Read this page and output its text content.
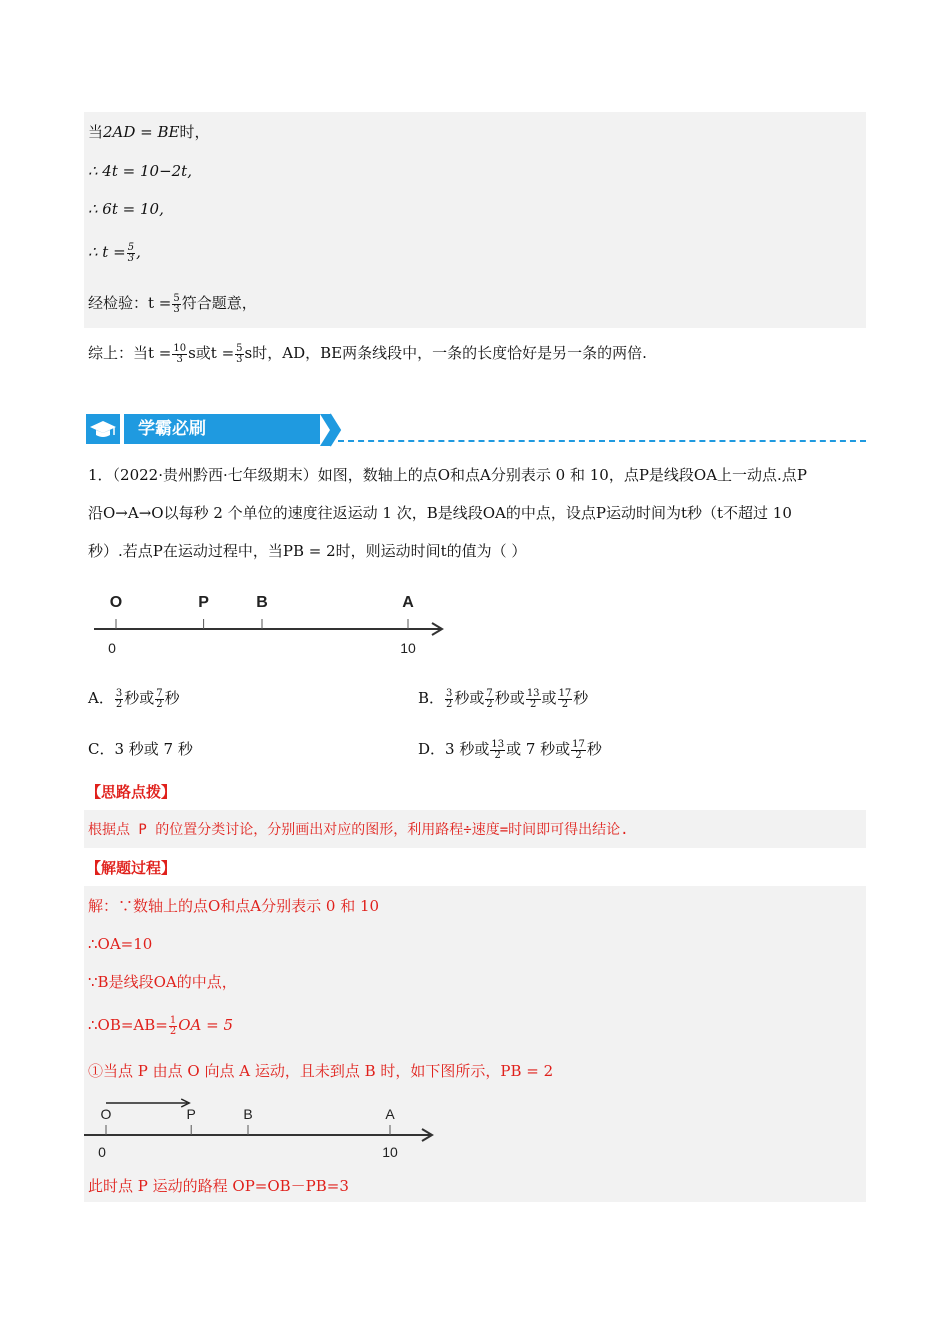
当2AD = BE时，
∴ 4t = 10−2t,
∴ 6t = 10,
∴ $t = \frac{5}{3}$ ,
经检验：$t = \frac{5}{3}$ 符合题意，
综上：当$t = \frac{10}{3}$ s或$t = \frac{5}{3}$ s时，AD，BE两条线段中，一条的长度恰好是另一条的两倍.
学霸必刷
1．（2022·贵州黔西·七年级期末）如图，数轴上的点O和点A分别表示 0 和 10，点P是线段OA上一动点.点P
沿O→A→O以每秒 2 个单位的速度往返运动 1 次，B是线段OA的中点，设点P运动时间为t秒（t不超过 10
秒）.若点P在运动过程中，当PB = 2时，则运动时间t的值为（ ）
O	P	B	A
0	10
A． $\frac{3}{2}$ 秒或 $\frac{7}{2}$ 秒	B． $\frac{3}{2}$ 秒或 $\frac{7}{2}$ 秒或 $\frac{13}{2}$ 或 $\frac{17}{2}$ 秒
C．3 秒或 7 秒	D．3 秒或 $\frac{13}{2}$ 或 7 秒或 $\frac{17}{2}$ 秒
【思路点拨】
根据点 P 的位置分类讨论，分别画出对应的图形，利用路程÷速度=时间即可得出结论.
【解题过程】
解：∵数轴上的点O和点A分别表示 0 和 10
∴OA=10
∵B是线段OA的中点，
∴OB=AB= $\frac{1}{2}$ OA = 5
①当点 P 由点 O 向点 A 运动，且未到点 B 时，如下图所示，PB = 2
O	P	B	A
0	10
此时点 P 运动的路程 OP=OB－PB=3
